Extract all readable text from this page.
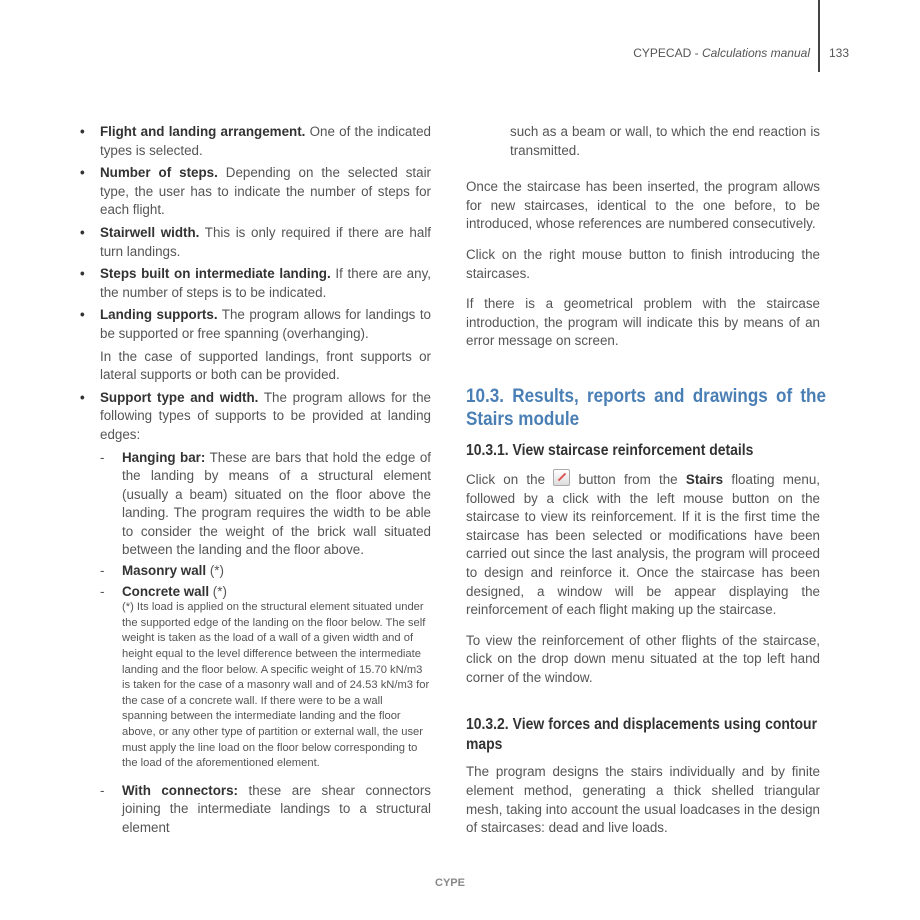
CYPECAD - Calculations manual 133
• Flight and landing arrangement. One of the indicated types is selected.
• Number of steps. Depending on the selected stair type, the user has to indicate the number of steps for each flight.
• Stairwell width. This is only required if there are half turn landings.
• Steps built on intermediate landing. If there are any, the number of steps is to be indicated.
• Landing supports. The program allows for landings to be supported or free spanning (overhanging).
In the case of supported landings, front supports or lateral supports or both can be provided.
• Support type and width. The program allows for the following types of supports to be provided at landing edges:
- Hanging bar: These are bars that hold the edge of the landing by means of a structural element (usually a beam) situated on the floor above the landing. The program requires the width to be able to consider the weight of the brick wall situated between the landing and the floor above.
- Masonry wall (*)
- Concrete wall (*)
(*) Its load is applied on the structural element situated under the supported edge of the landing on the floor below. The self weight is taken as the load of a wall of a given width and of height equal to the level difference between the intermediate landing and the floor below. A specific weight of 15.70 kN/m3 is taken for the case of a masonry wall and of 24.53 kN/m3 for the case of a concrete wall. If there were to be a wall spanning between the intermediate landing and the floor above, or any other type of partition or external wall, the user must apply the line load on the floor below corresponding to the load of the aforementioned element.
- With connectors: these are shear connectors joining the intermediate landings to a structural element

such as a beam or wall, to which the end reaction is transmitted.

Once the staircase has been inserted, the program allows for new staircases, identical to the one before, to be introduced, whose references are numbered consecutively.

Click on the right mouse button to finish introducing the staircases.

If there is a geometrical problem with the staircase introduction, the program will indicate this by means of an error message on screen.

10.3. Results, reports and drawings of the Stairs module
10.3.1. View staircase reinforcement details

Click on the  button from the Stairs floating menu, followed by a click with the left mouse button on the staircase to view its reinforcement. If it is the first time the staircase has been selected or modifications have been carried out since the last analysis, the program will proceed to design and reinforce it. Once the staircase has been designed, a window will be appear displaying the reinforcement of each flight making up the staircase.

To view the reinforcement of other flights of the staircase, click on the drop down menu situated at the top left hand corner of the window.

10.3.2. View forces and displacements using contour maps

The program designs the stairs individually and by finite element method, generating a thick shelled triangular mesh, taking into account the usual loadcases in the design of staircases: dead and live loads.

CYPE
